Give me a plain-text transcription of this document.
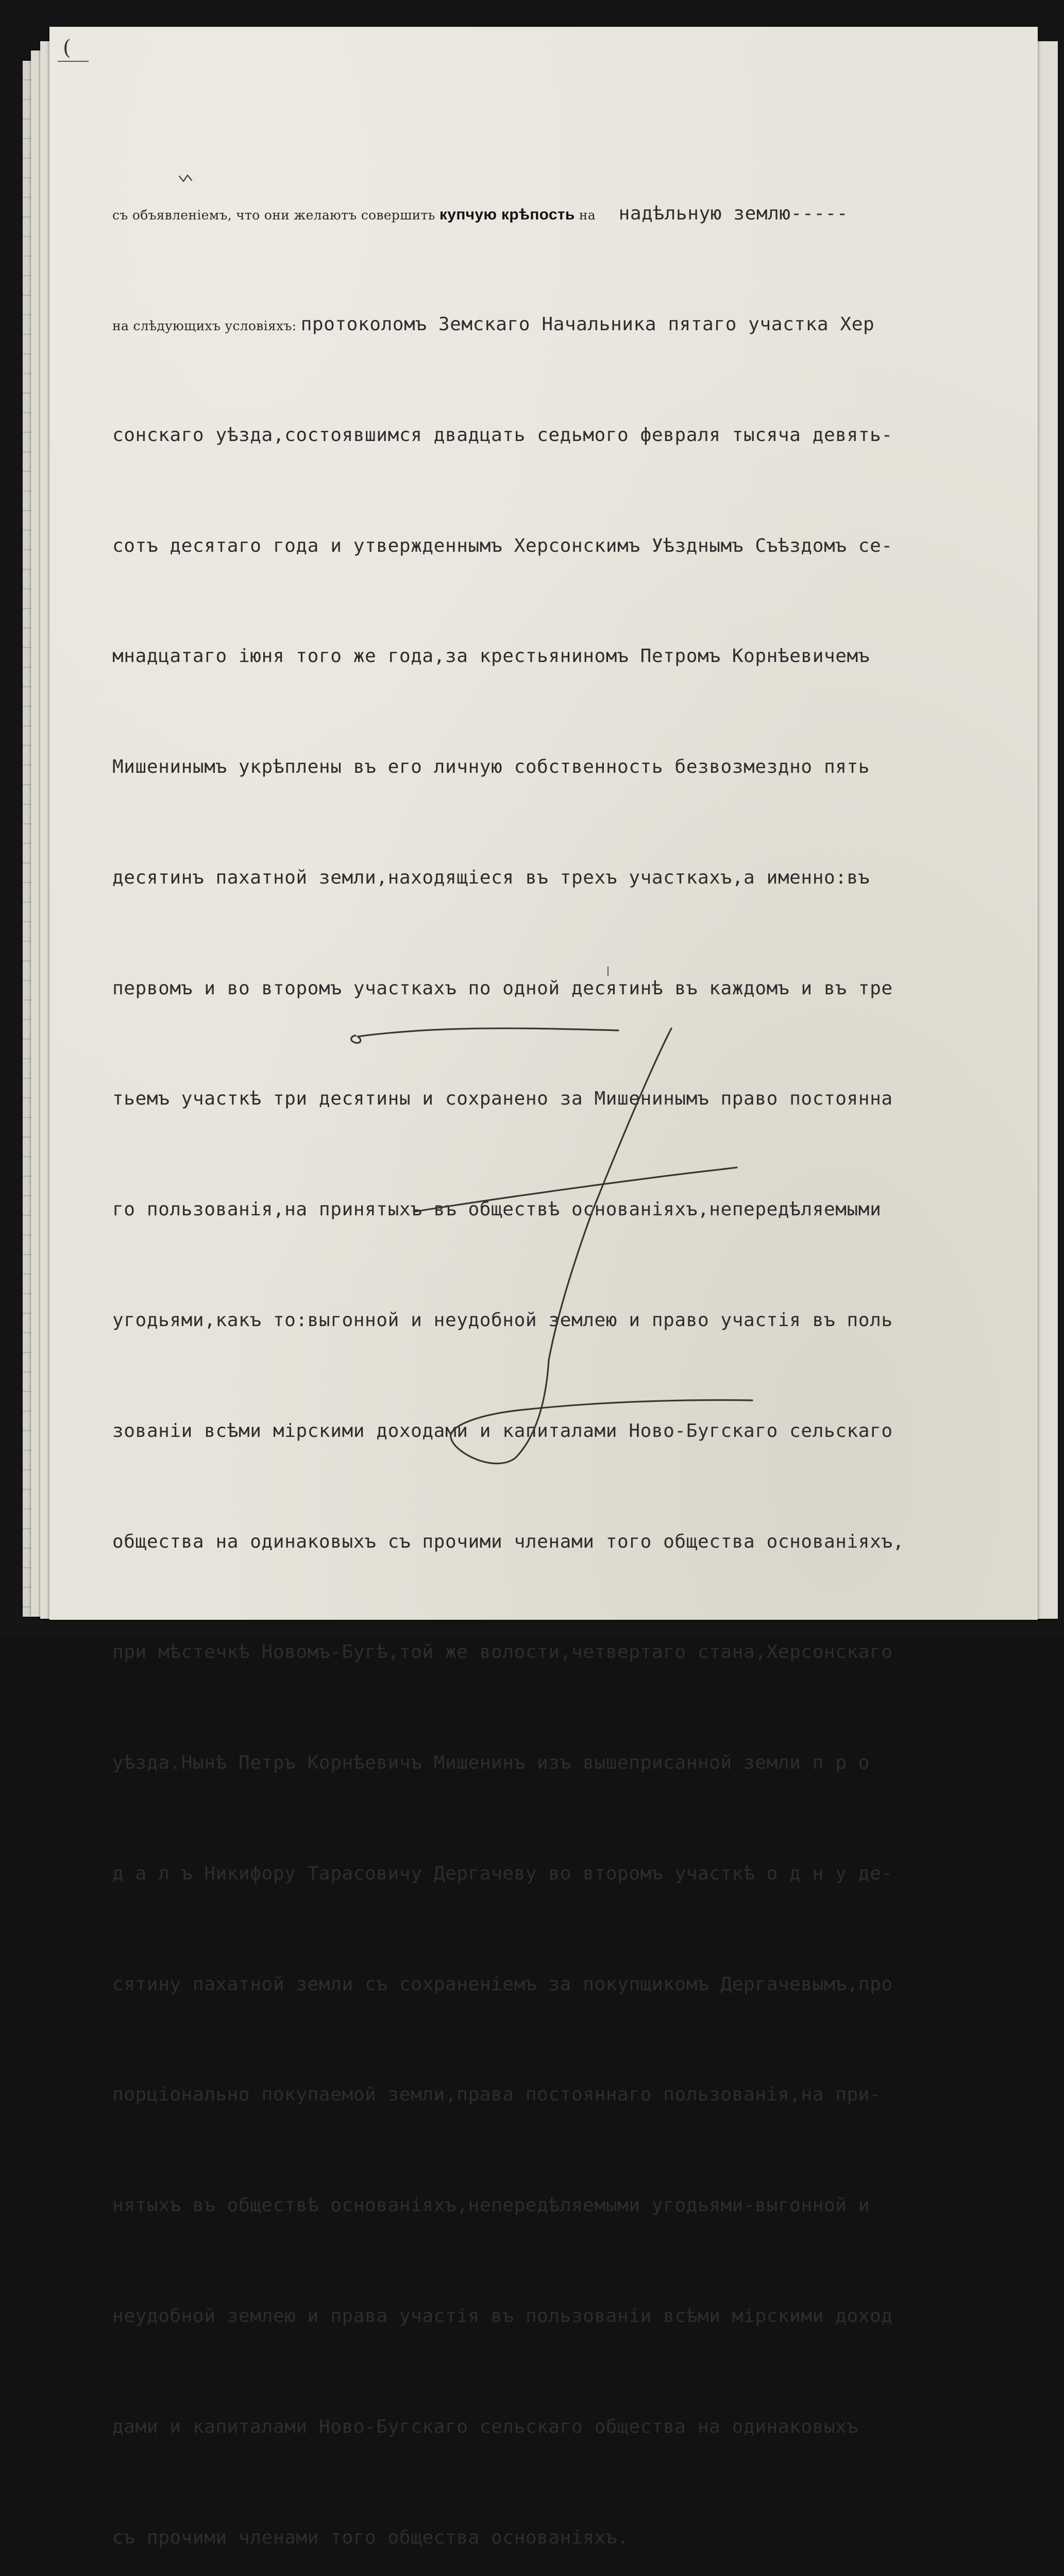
(

съ объявленіемъ, что они желаютъ совершить купчую крѣпость на  надѣльную землю-----

на слѣдующихъ условіяхъ: протоколомъ Земскаго Начальника пятаго участка Хер

сонскаго уѣзда,состоявшимся двадцать седьмого февраля тысяча девять-

сотъ десятаго года и утвержденнымъ Херсонскимъ Уѣзднымъ Съѣздомъ се-

мнадцатаго іюня того же года,за крестьяниномъ Петромъ Корнѣевичемъ

Мишенинымъ укрѣплены въ его личную собственность безвозмездно пять

десятинъ пахатной земли,находящіеся въ трехъ участкахъ,а именно:въ

первомъ и во второмъ участкахъ по одной десятинѣ въ каждомъ и въ тре

тьемъ участкѣ три десятины и сохранено за Мишенинымъ право постоянна

го пользованія,на принятыхъ въ обществѣ основаніяхъ,непередѣляемыми

угодьями,какъ то:выгонной и неудобной землею и право участія въ поль

зованіи всѣми мірскими доходами и капиталами Ново-Бугскаго сельскаго

общества на одинаковыхъ съ прочими членами того общества основаніяхъ,

при мѣстечкѣ Новомъ-Бугѣ,той же волости,четвертаго стана,Херсонскаго

уѣзда.Нынѣ Петръ Корнѣевичъ Мишенинъ изъ вышеприсанной земли п р о

д а л ъ Никифору Тарасовичу Дергачеву во второмъ участкѣ о д н у де-

сятину пахатной земли съ сохраненіемъ за покупщикомъ Дергачевымъ,про

порціонально покупаемой земли,права постояннаго пользованія,на при-

нятыхъ въ обществѣ основаніяхъ,непередѣляемыми угодьями-выгонной и

неудобной землею и права участія въ пользованіи всѣми мірскими доход

дами и капиталами Ново-Бугскаго сельскаго общества на одинаковыхъ

съ прочими членами того общества основаніяхъ.
